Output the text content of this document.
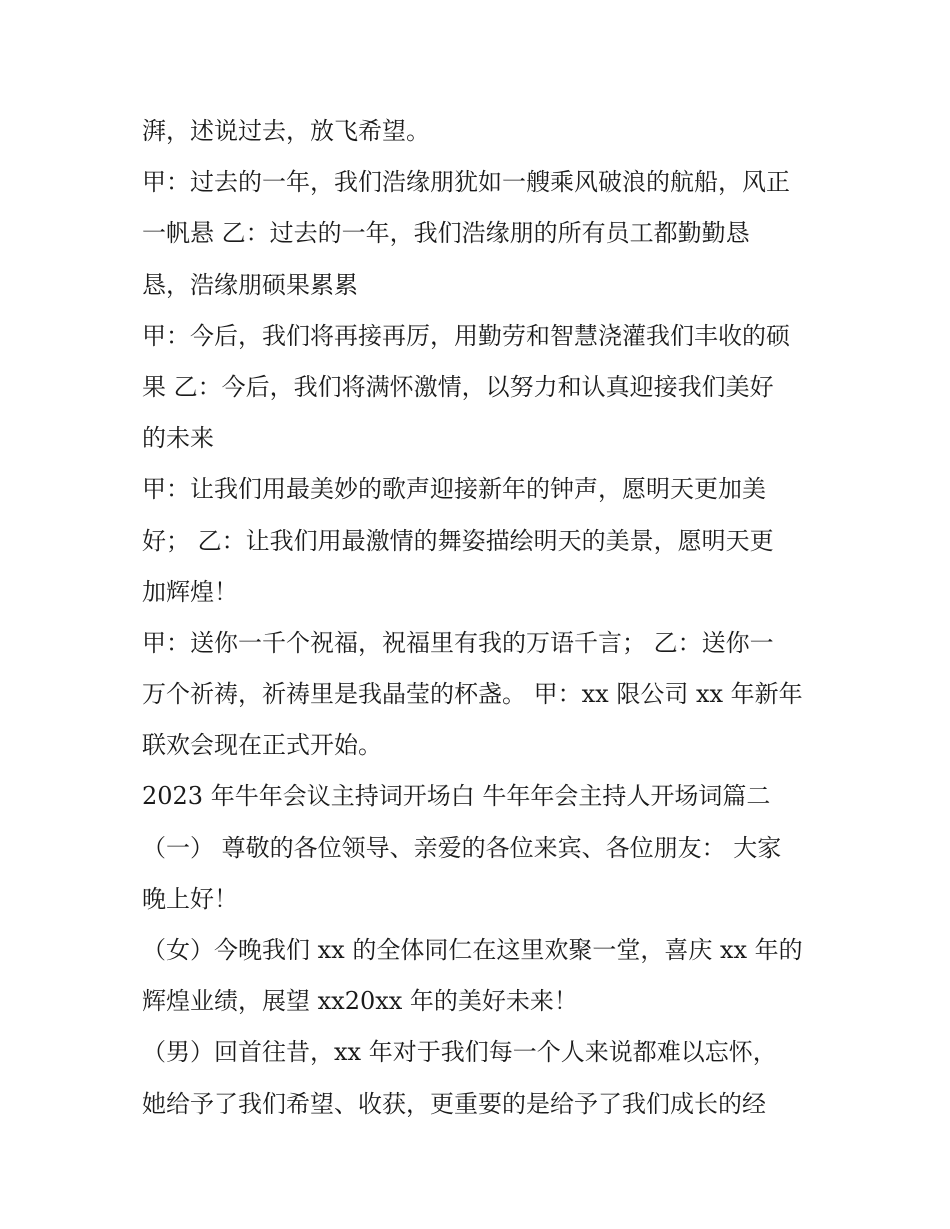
湃，述说过去，放飞希望。
甲：过去的一年，我们浩缘朋犹如一艘乘风破浪的航船，风正
一帆悬 乙：过去的一年，我们浩缘朋的所有员工都勤勤恳
恳，浩缘朋硕果累累
甲：今后，我们将再接再厉，用勤劳和智慧浇灌我们丰收的硕
果 乙：今后，我们将满怀激情，以努力和认真迎接我们美好
的未来
甲：让我们用最美妙的歌声迎接新年的钟声，愿明天更加美
好； 乙：让我们用最激情的舞姿描绘明天的美景，愿明天更
加辉煌！
甲：送你一千个祝福，祝福里有我的万语千言； 乙：送你一
万个祈祷，祈祷里是我晶莹的杯盏。 甲：xx 限公司 xx 年新年
联欢会现在正式开始。
2023 年牛年会议主持词开场白 牛年年会主持人开场词篇二
（一） 尊敬的各位领导、亲爱的各位来宾、各位朋友： 大家
晚上好！
（女）今晚我们 xx 的全体同仁在这里欢聚一堂，喜庆 xx 年的
辉煌业绩，展望 xx20xx 年的美好未来！
（男）回首往昔，xx 年对于我们每一个人来说都难以忘怀，
她给予了我们希望、收获，更重要的是给予了我们成长的经
